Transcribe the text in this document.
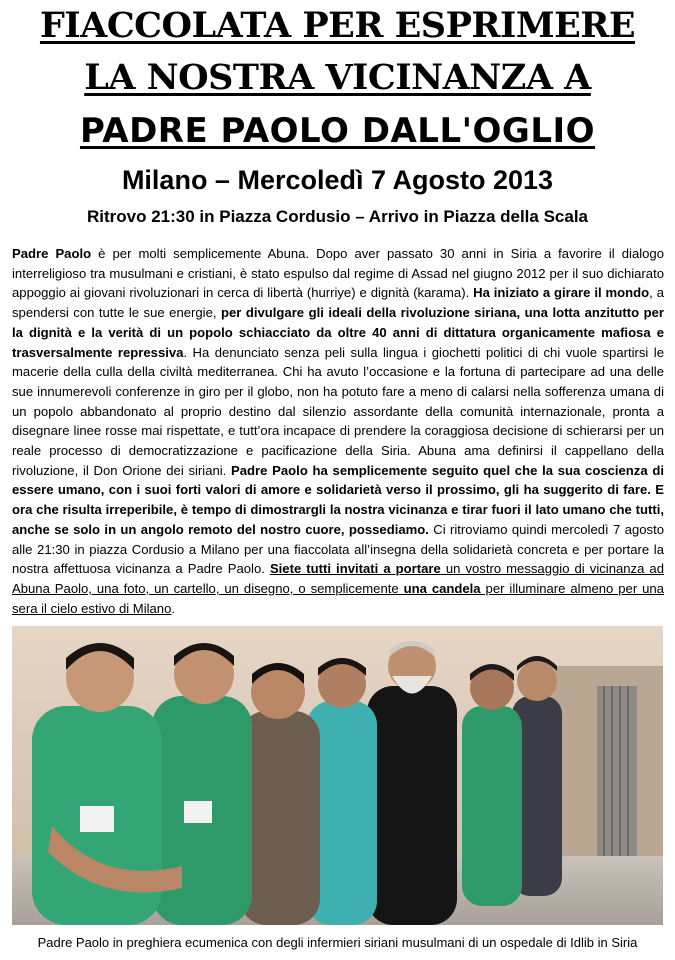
FIACCOLATA PER ESPRIMERE
LA NOSTRA VICINANZA A
PADRE PAOLO DALL'OGLIO
Milano – Mercoledì 7 Agosto 2013
Ritrovo 21:30 in Piazza Cordusio – Arrivo in Piazza della Scala
Padre Paolo è per molti semplicemente Abuna. Dopo aver passato 30 anni in Siria a favorire il dialogo interreligioso tra musulmani e cristiani, è stato espulso dal regime di Assad nel giugno 2012 per il suo dichiarato appoggio ai giovani rivoluzionari in cerca di libertà (hurriye) e dignità (karama). Ha iniziato a girare il mondo, a spendersi con tutte le sue energie, per divulgare gli ideali della rivoluzione siriana, una lotta anzitutto per la dignità e la verità di un popolo schiacciato da oltre 40 anni di dittatura organicamente mafiosa e trasversalmente repressiva. Ha denunciato senza peli sulla lingua i giochetti politici di chi vuole spartirsi le macerie della culla della civiltà mediterranea. Chi ha avuto l’occasione e la fortuna di partecipare ad una delle sue innumerevoli conferenze in giro per il globo, non ha potuto fare a meno di calarsi nella sofferenza umana di un popolo abbandonato al proprio destino dal silenzio assordante della comunità internazionale, pronta a disegnare linee rosse mai rispettate, e tutt’ora incapace di prendere la coraggiosa decisione di schierarsi per un reale processo di democratizzazione e pacificazione della Siria. Abuna ama definirsi il cappellano della rivoluzione, il Don Orione dei siriani. Padre Paolo ha semplicemente seguito quel che la sua coscienza di essere umano, con i suoi forti valori di amore e solidarietà verso il prossimo, gli ha suggerito di fare. E ora che risulta irreperibile, è tempo di dimostrargli la nostra vicinanza e tirar fuori il lato umano che tutti, anche se solo in un angolo remoto del nostro cuore, possediamo. Ci ritroviamo quindi mercoledì 7 agosto alle 21:30 in piazza Cordusio a Milano per una fiaccolata all’insegna della solidarietà concreta e per portare la nostra affettuosa vicinanza a Padre Paolo. Siete tutti invitati a portare un vostro messaggio di vicinanza ad Abuna Paolo, una foto, un cartello, un disegno, o semplicemente una candela per illuminare almeno per una sera il cielo estivo di Milano.
Padre Paolo in preghiera ecumenica con degli infermieri siriani musulmani di un ospedale di Idlib in Siria
